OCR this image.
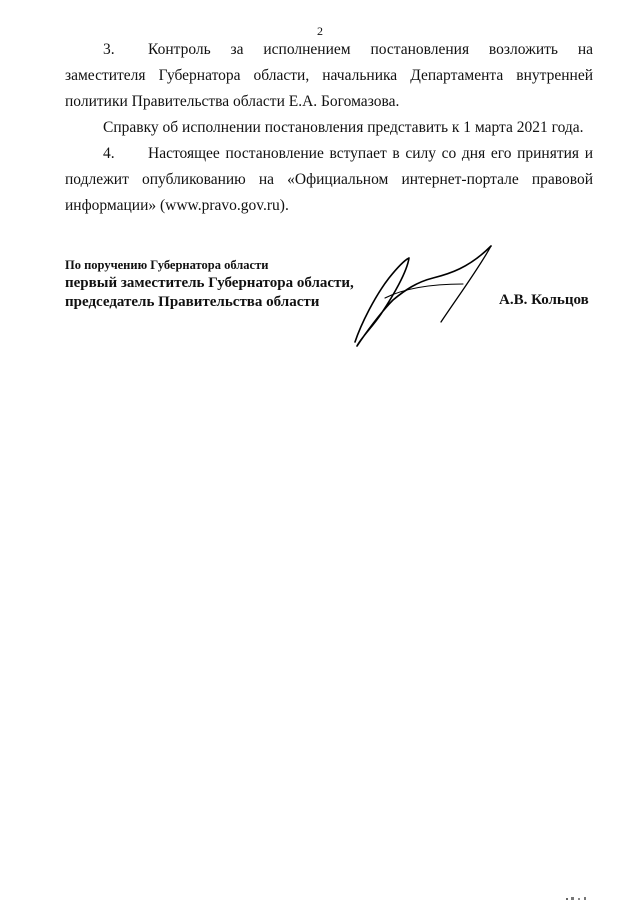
2

3. Контроль за исполнением постановления возложить на заместителя Губернатора области, начальника Департамента внутренней политики Правительства области Е.А. Богомазова.

Справку об исполнении постановления представить к 1 марта 2021 года.

4. Настоящее постановление вступает в силу со дня его принятия и подлежит опубликованию на «Официальном интернет-портале правовой информации» (www.pravo.gov.ru).

По поручению Губернатора области
первый заместитель Губернатора области,
председатель Правительства области	А.В. Кольцов
